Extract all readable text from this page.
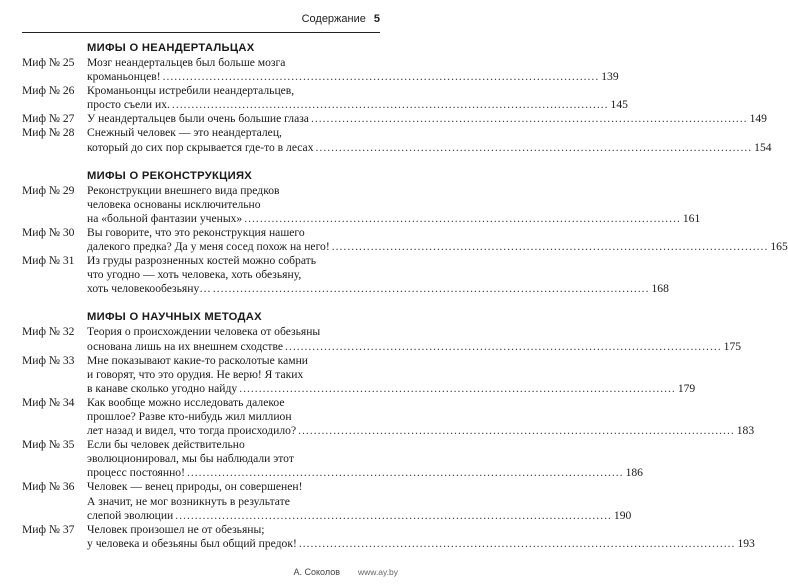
Содержание 5
МИФЫ О НЕАНДЕРТАЛЬЦАХ
Миф № 25	Мозг неандертальцев был больше мозга
кроманьонцев! .....	139
Миф № 26	Кроманьонцы истребили неандертальцев,
просто съели их. .....	145
Миф № 27	У неандертальцев были очень большие глаза .....	149
Миф № 28	Снежный человек — это неандерталец,
который до сих пор скрывается где-то в лесах .....	154
МИФЫ О РЕКОНСТРУКЦИЯХ
Миф № 29	Реконструкции внешнего вида предков
человека основаны исключительно
на «больной фантазии ученых» .....	161
Миф № 30	Вы говорите, что это реконструкция нашего
далекого предка? Да у меня сосед похож на него! .....	165
Миф № 31	Из груды разрозненных костей можно собрать
что угодно — хоть человека, хоть обезьяну,
хоть человекообезьяну… .....	168
МИФЫ О НАУЧНЫХ МЕТОДАХ
Миф № 32	Теория о происхождении человека от обезьяны
основана лишь на их внешнем сходстве .....	175
Миф № 33	Мне показывают какие-то расколотые камни
и говорят, что это орудия. Не верю! Я таких
в канаве сколько угодно найду .....	179
Миф № 34	Как вообще можно исследовать далекое
прошлое? Разве кто-нибудь жил миллион
лет назад и видел, что тогда происходило? .....	183
Миф № 35	Если бы человек действительно
эволюционировал, мы бы наблюдали этот
процесс постоянно! .....	186
Миф № 36	Человек — венец природы, он совершенен!
А значит, не мог возникнуть в результате
слепой эволюции .....	190
Миф № 37	Человек произошел не от обезьяны;
у человека и обезьяны был общий предок! .....	193
А. Соколов www.ay.by
